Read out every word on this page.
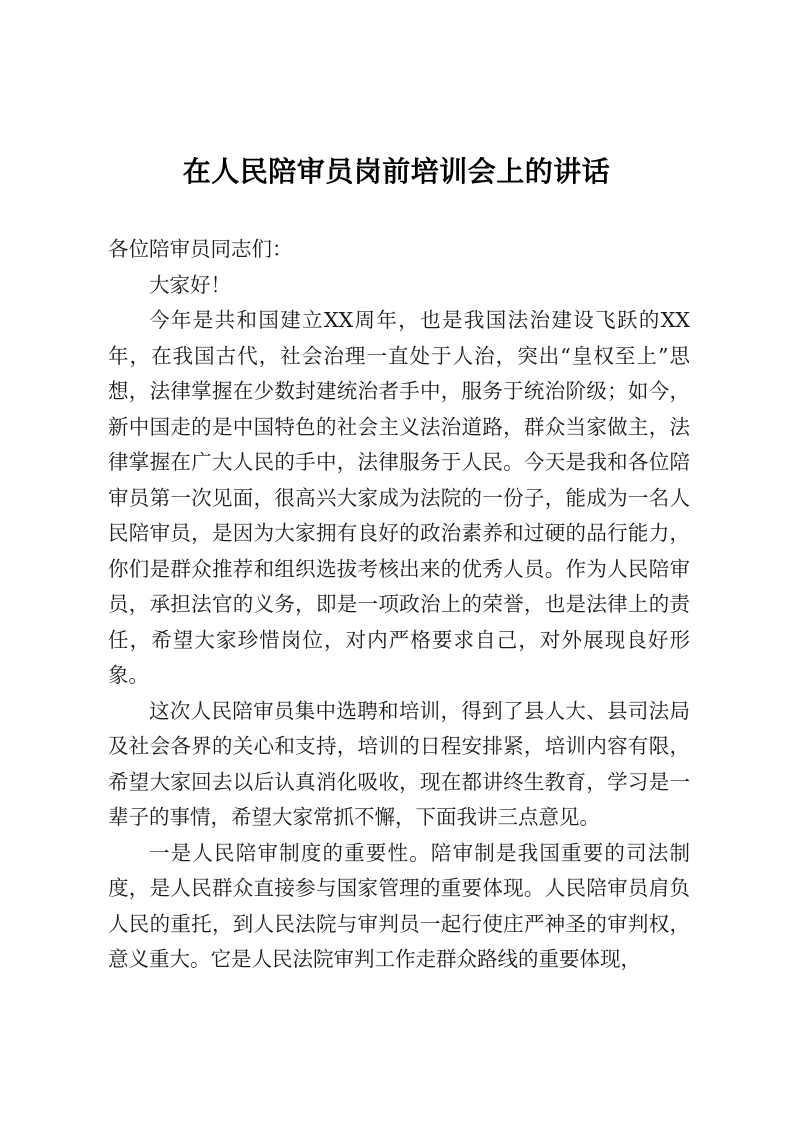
在人民陪审员岗前培训会上的讲话

各位陪审员同志们：

大家好！

今年是共和国建立XX周年，也是我国法治建设飞跃的XX年，在我国古代，社会治理一直处于人治，突出“皇权至上”思想，法律掌握在少数封建统治者手中，服务于统治阶级；如今，新中国走的是中国特色的社会主义法治道路，群众当家做主，法律掌握在广大人民的手中，法律服务于人民。今天是我和各位陪审员第一次见面，很高兴大家成为法院的一份子，能成为一名人民陪审员，是因为大家拥有良好的政治素养和过硬的品行能力，你们是群众推荐和组织选拔考核出来的优秀人员。作为人民陪审员，承担法官的义务，即是一项政治上的荣誉，也是法律上的责任，希望大家珍惜岗位，对内严格要求自己，对外展现良好形象。

这次人民陪审员集中选聘和培训，得到了县人大、县司法局及社会各界的关心和支持，培训的日程安排紧，培训内容有限，希望大家回去以后认真消化吸收，现在都讲终生教育，学习是一辈子的事情，希望大家常抓不懈，下面我讲三点意见。

一是人民陪审制度的重要性。陪审制是我国重要的司法制度，是人民群众直接参与国家管理的重要体现。人民陪审员肩负人民的重托，到人民法院与审判员一起行使庄严神圣的审判权，意义重大。它是人民法院审判工作走群众路线的重要体现，
